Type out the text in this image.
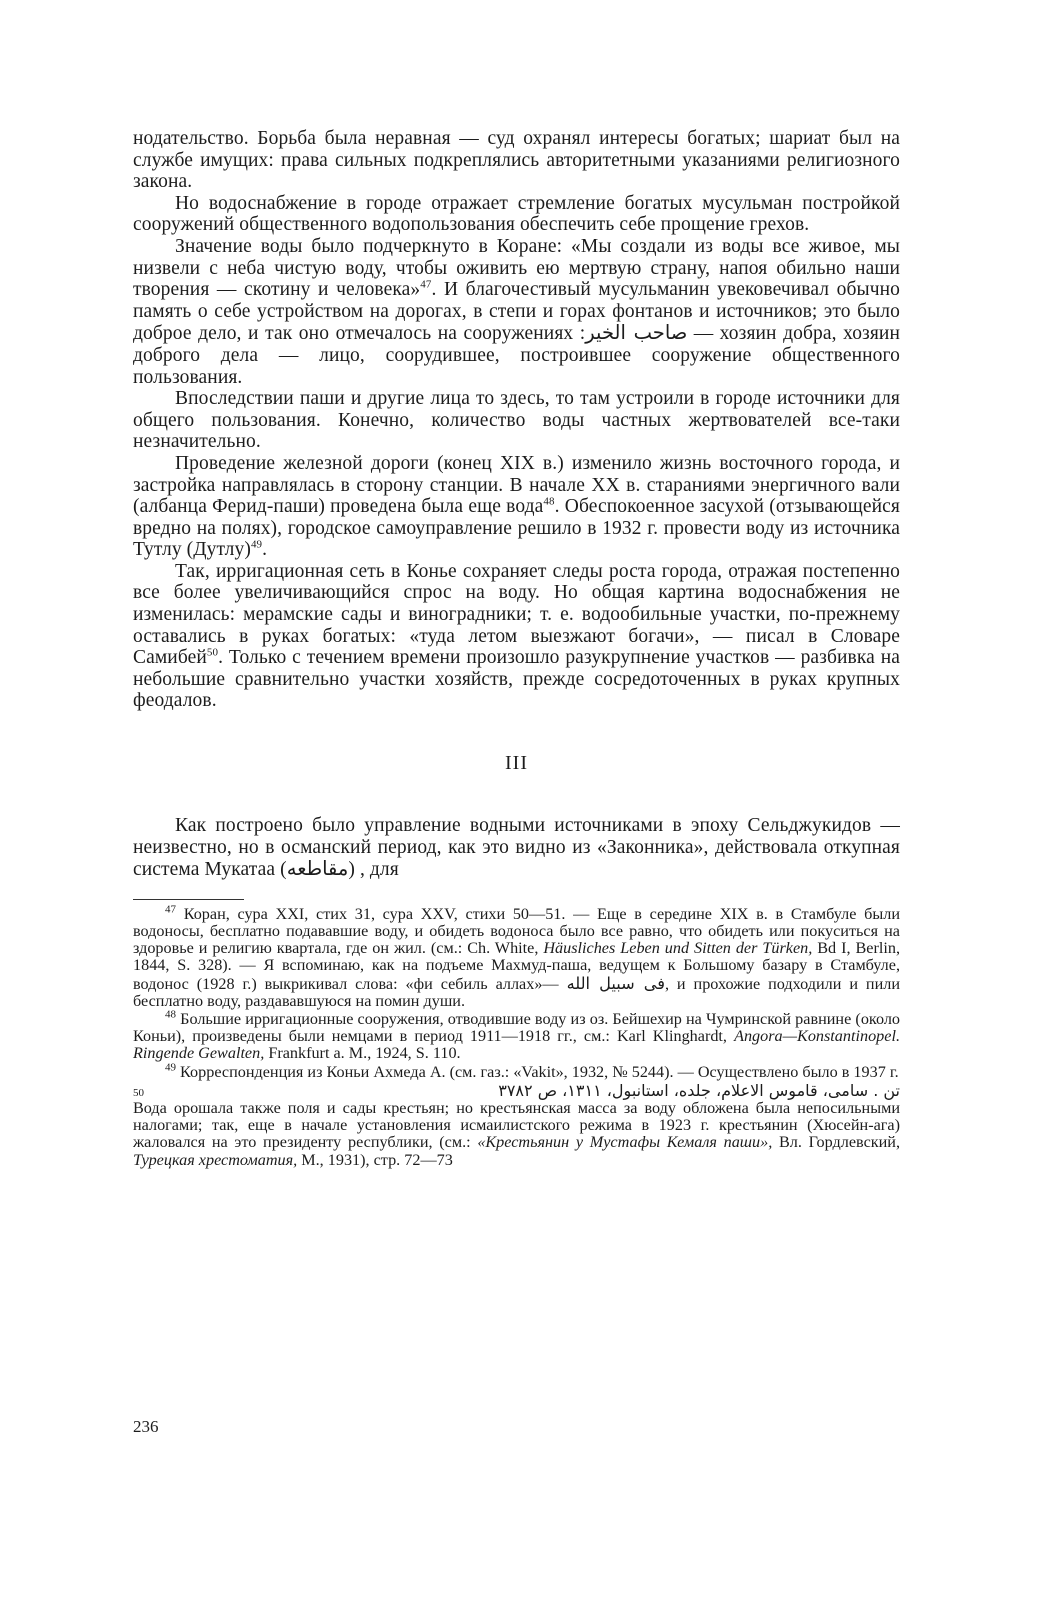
нодательство. Борьба была неравная — суд охранял интересы богатых; шариат был на службе имущих: права сильных подкреплялись авторитетными указаниями религиозного закона.

Но водоснабжение в городе отражает стремление богатых мусульман постройкой сооружений общественного водопользования обеспечить себе прощение грехов.

Значение воды было подчеркнуто в Коране: «Мы создали из воды все живое, мы низвели с неба чистую воду, чтобы оживить ею мертвую страну, напоя обильно наши творения — скотину и человека»$^{47}$. И благочестивый мусульманин увековечивал обычно память о себе устройством на дорогах, в степи и горах фонтанов и источников; это было доброе дело, и так оно отмечалось на сооружениях :صاحب الخير — хозяин добра, хозяин доброго дела — лицо, соорудившее, построившее сооружение общественного пользования.

Впоследствии паши и другие лица то здесь, то там устроили в городе источники для общего пользования. Конечно, количество воды частных жертвователей все-таки незначительно.

Проведение железной дороги (конец XIX в.) изменило жизнь восточного города, и застройка направлялась в сторону станции. В начале XX в. стараниями энергичного вали (албанца Ферид-паши) проведена была еще вода$^{48}$. Обеспокоенное засухой (отзывающейся вредно на полях), городское самоуправление решило в 1932 г. провести воду из источника Тутлу (Дутлу)$^{49}$.

Так, ирригационная сеть в Конье сохраняет следы роста города, отражая постепенно все более увеличивающийся спрос на воду. Но общая картина водоснабжения не изменилась: мерамские сады и виноградники; т. е. водообильные участки, по-прежнему оставались в руках богатых: «туда летом выезжают богачи», — писал в Словаре Самибей$^{50}$. Только с течением времени произошло разукрупнение участков — разбивка на небольшие сравнительно участки хозяйств, прежде сосредоточенных в руках крупных феодалов.

III

Как построено было управление водными источниками в эпоху Сельджукидов — неизвестно, но в османский период, как это видно из «Законника», действовала откупная система Мукатаа (مقاطعه) , для

$^{47}$ Коран, сура XXI, стих 31, сура XXV, стихи 50—51. — Еще в середине XIX в. в Стамбуле были водоносы, бесплатно подававшие воду, и обидеть водоноса было все равно, что обидеть или покуситься на здоровье и религию квартала, где он жил. (см.: Ch. White, Häusliches Leben und Sitten der Türken, Bd I, Berlin, 1844, S. 328). — Я вспоминаю, как на подъеме Махмуд-паша, ведущем к Большому базару в Стамбуле, водонос (1928 г.) выкрикивал слова: «фи себиль аллах»— فى سبيل الله, и прохожие подходили и пили бесплатно воду, раздававшуюся на помин души.

$^{48}$ Большие ирригационные сооружения, отводившие воду из оз. Бейшехир на Чумринской равнине (около Коньи), произведены были немцами в период 1911—1918 гг., см.: Karl Klinghardt, Angora—Konstantinopel. Ringende Gewalten, Frankfurt a. M., 1924, S. 110.

$^{49}$ Корреспонденция из Коньи Ахмеда А. (см. газ.: «Vakit», 1932, № 5244). — Осуществлено было в 1937 г.

50	تن . سامى، قاموس الاعلام، جلده، استانبول، ١٣١١، ص ٣٧٨٢

Вода орошала также поля и сады крестьян; но крестьянская масса за воду обложена была непосильными налогами; так, еще в начале установления исмаилистского режима в 1923 г. крестьянин (Хюсейн-ага) жаловался на это президенту республики, (см.: «Крестьянин у Мустафы Кемаля паши», Вл. Гордлевский, Турецкая хрестоматия, М., 1931), стр. 72—73

236
